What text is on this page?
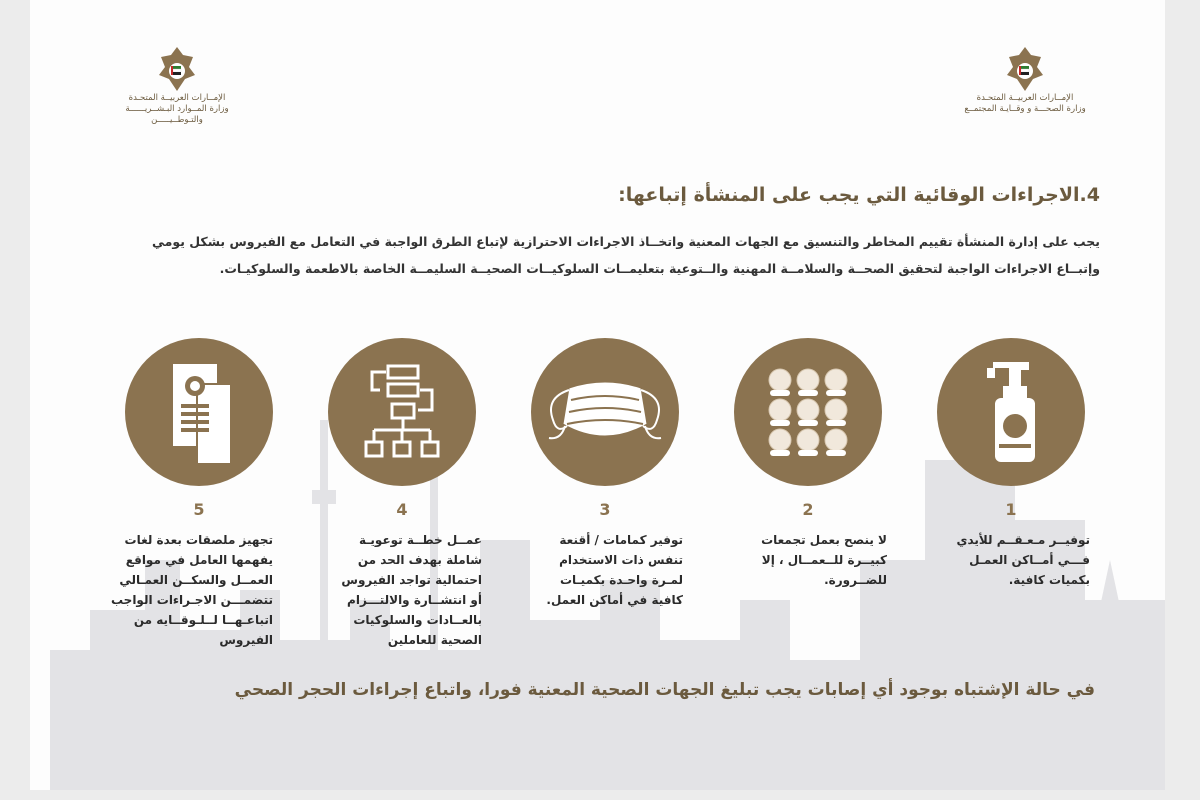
الإمــارات العربيــة المتحـدة
وزارة المــوارد البـشــريــــــة
والتـوطــيـــــن
الإمــارات العربيــة المتحـدة
وزارة الصحـــة و وقــايـة المجتمــع
4.الاجراءات الوقائية التي يجب على المنشأة إتباعها:

يجب على إدارة المنشأة تقييم المخاطر والتنسيق مع الجهات المعنية واتخــاذ الاجراءات الاحترازية لإتباع الطرق الواجبة في التعامل مع الفيروس بشكل يومي

وإتبــاع الاجراءات الواجبة لتحقيق الصحــة والسلامــة المهنية والــتوعية بتعليمــات السلوكيــات الصحيــة السليمــة الخاصة بالاطعمة والسلوكيـات.

5
تجهيز ملصقات بعدة لغات
يفهمها العامل في مواقع
العمــل والسكــن العمـالي
تتضمـــن الاجـراءات الواجب
اتباعـهــا لــلـوقــايه من
الفيروس
4
عمــل خطــة توعويـة
شاملة بهدف الحد من
احتمالية تواجد الفيروس
أو انتشــارة والالتـــزام
بالعــادات والسلوكيات
الصحية للعاملين
3
توفير كمامات / أقنعة
تنفس ذات الاستخدام
لمـرة واحـدة بكميـات
كافية في أماكن العمل.
2
لا ينصح بعمل تجمعات
كبيــرة للــعمــال ، إلا
للضــرورة.
1
توفيــر مـعـقــم للأيدي
فـــي أمــاكن العمـل
بكميات كافية.
في حالة الإشتباه بوجود أي إصابات يجب تبليغ الجهات الصحية المعنية فورا، واتباع إجراءات الحجر الصحي
